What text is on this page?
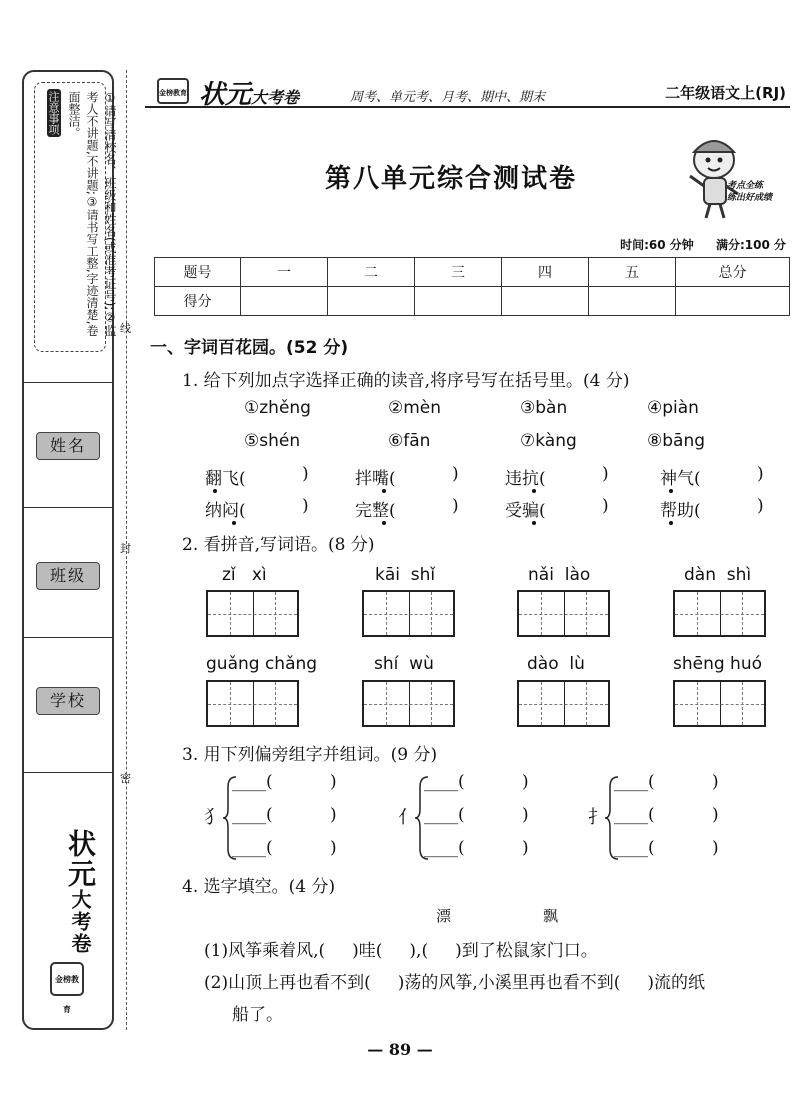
注意事项	①请写清校名、班级和姓名(或准考证号);②监考人不讲题,不讲题;③请书写工整,字迹清楚,卷面整洁。
姓名
班级
学校
状元大考卷
金榜教育
线
封
密
金榜教育 状元大考卷	周考、单元考、月考、期中、期末	二年级语文上(RJ)
第八单元综合测试卷	考点全练
练出好成绩
时间:60 分钟 满分:100 分
题号	一	二	三	四	五	总分
得分						
一、字词百花园。(52 分)
1. 给下列加点字选择正确的读音,将序号写在括号里。(4 分)
①zhěng	②mèn	③bàn	④piàn
⑤shén	⑥fān	⑦kàng	⑧bāng
翻飞(	)	拌嘴(	)	违抗(	)	神气(	)
纳闷(	)	完整(	)	受骗(	)	帮助(	)
2. 看拼音,写词语。(8 分)
zǐ   xì	kāi  shǐ	nǎi  lào	dàn  shì
guǎng chǎng	shí  wù	dào  lù	shēng huó
3. 用下列偏旁组字并组词。(9 分)
犭
____(	)
____(	)
____(	)
亻
____(	)
____(	)
____(	)
扌
____(	)
____(	)
____(	)
4. 选字填空。(4 分)
漂	飘
(1)风筝乘着风,(     )哇(     ),(     )到了松鼠家门口。
(2)山顶上再也看不到(     )荡的风筝,小溪里再也看不到(     )流的纸
船了。
— 89 —
